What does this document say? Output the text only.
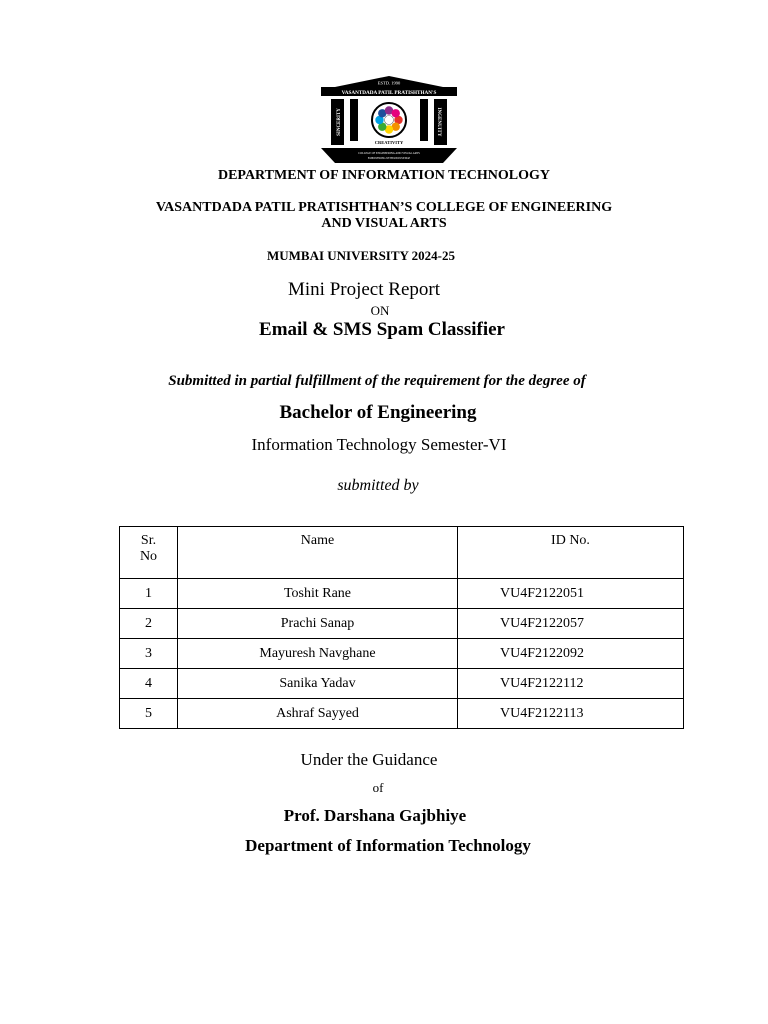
ESTD. 1990
VASANTDADA PATIL PRATISHTHAN'S
SINCERITY	INGENUITY
CREATIVITY
COLLEGE OF ENGINEERING AND VISUAL ARTS
EMPOWERING WITH KNOWLEDGE
DEPARTMENT OF INFORMATION TECHNOLOGY
VASANTDADA PATIL PRATISHTHAN’S COLLEGE OF ENGINEERING
AND VISUAL ARTS
MUMBAI UNIVERSITY 2024-25
Mini Project Report
ON
Email & SMS Spam Classifier
Submitted in partial fulfillment of the requirement for the degree of
Bachelor of Engineering
Information Technology Semester-VI
submitted by
Sr.
No	Name	ID No.
1	Toshit Rane	VU4F2122051
2	Prachi Sanap	VU4F2122057
3	Mayuresh Navghane	VU4F2122092
4	Sanika Yadav	VU4F2122112
5	Ashraf Sayyed	VU4F2122113
Under the Guidance
of
Prof. Darshana Gajbhiye
Department of Information Technology
